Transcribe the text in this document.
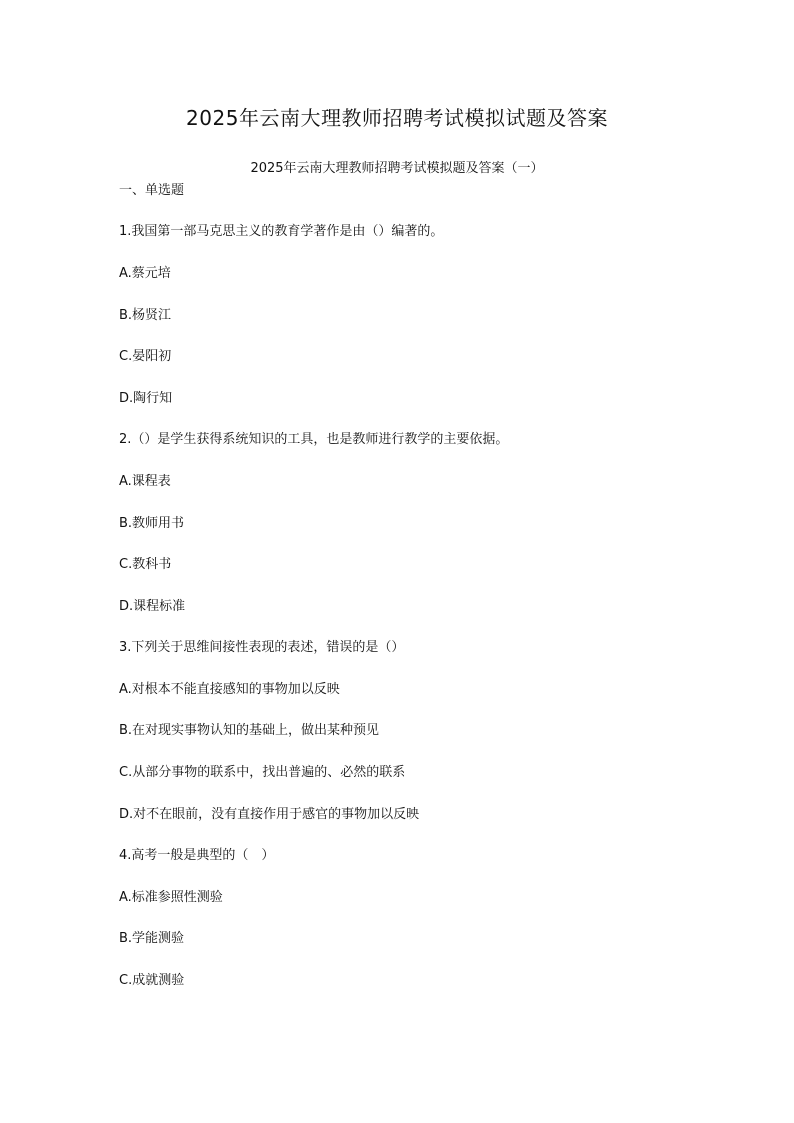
2025年云南大理教师招聘考试模拟试题及答案
2025年云南大理教师招聘考试模拟题及答案（一）
一、单选题
1.我国第一部马克思主义的教育学著作是由（）编著的。
A.蔡元培
B.杨贤江
C.晏阳初
D.陶行知
2.（）是学生获得系统知识的工具，也是教师进行教学的主要依据。
A.课程表
B.教师用书
C.教科书
D.课程标准
3.下列关于思维间接性表现的表述，错误的是（）
A.对根本不能直接感知的事物加以反映
B.在对现实事物认知的基础上，做出某种预见
C.从部分事物的联系中，找出普遍的、必然的联系
D.对不在眼前，没有直接作用于感官的事物加以反映
4.高考一般是典型的（　）
A.标准参照性测验
B.学能测验
C.成就测验
